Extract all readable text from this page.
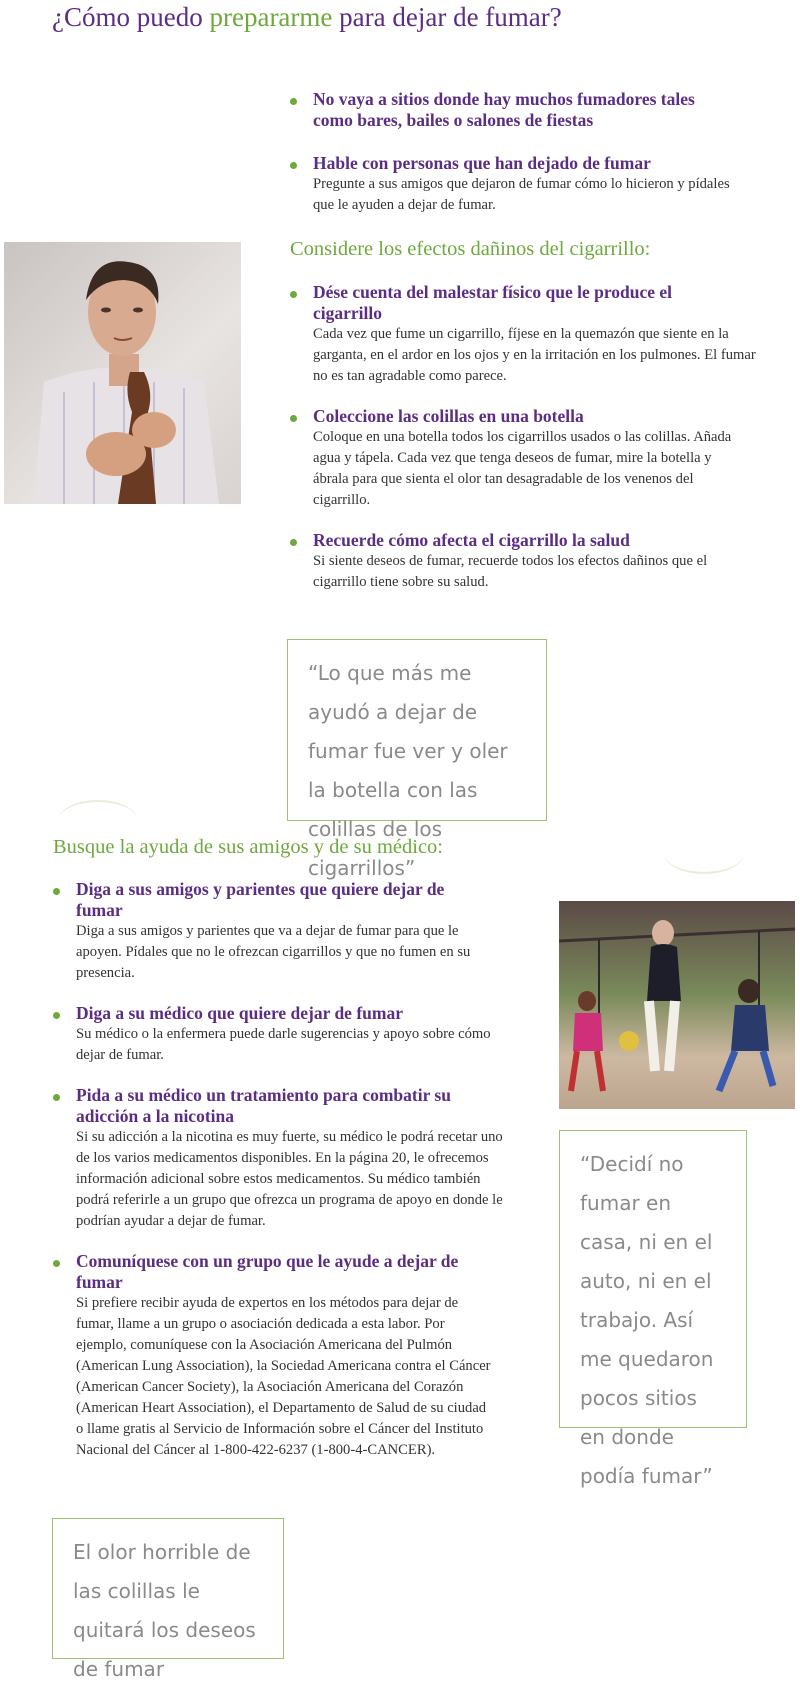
¿Cómo puedo prepararme para dejar de fumar?
No vaya a sitios donde hay muchos fumadores tales como bares, bailes o salones de fiestas
Hable con personas que han dejado de fumar
Pregunte a sus amigos que dejaron de fumar cómo lo hicieron y pídales que le ayuden a dejar de fumar.
Considere los efectos dañinos del cigarrillo:
Dése cuenta del malestar físico que le produce el cigarrillo
Cada vez que fume un cigarrillo, fíjese en la quemazón que siente en la garganta, en el ardor en los ojos y en la irritación en los pulmones. El fumar no es tan agradable como parece.
Coleccione las colillas en una botella
Coloque en una botella todos los cigarrillos usados o las colillas. Añada agua y tápela. Cada vez que tenga deseos de fumar, mire la botella y ábrala para que sienta el olor tan desagradable de los venenos del cigarrillo.
Recuerde cómo afecta el cigarrillo la salud
Si siente deseos de fumar, recuerde todos los efectos dañinos que el cigarrillo tiene sobre su salud.
“Lo que más me ayudó a dejar de fumar fue ver y oler la botella con las colillas de los cigarrillos”
Busque la ayuda de sus amigos y de su médico:
Diga a sus amigos y parientes que quiere dejar de fumar
Diga a sus amigos y parientes que va a dejar de fumar para que le apoyen. Pídales que no le ofrezcan cigarrillos y que no fumen en su presencia.
Diga a su médico que quiere dejar de fumar
Su médico o la enfermera puede darle sugerencias y apoyo sobre cómo dejar de fumar.
Pida a su médico un tratamiento para combatir su adicción a la nicotina
Si su adicción a la nicotina es muy fuerte, su médico le podrá recetar uno de los varios medicamentos disponibles. En la página 20, le ofrecemos información adicional sobre estos medicamentos. Su médico también podrá referirle a un grupo que ofrezca un programa de apoyo en donde le podrían ayudar a dejar de fumar.
Comuníquese con un grupo que le ayude a dejar de fumar
Si prefiere recibir ayuda de expertos en los métodos para dejar de fumar, llame a un grupo o asociación dedicada a esta labor. Por ejemplo, comuníquese con la Asociación Americana del Pulmón (American Lung Association), la Sociedad Americana contra el Cáncer (American Cancer Society), la Asociación Americana del Corazón (American Heart Association), el Departamento de Salud de su ciudad o llame gratis al Servicio de Información sobre el Cáncer del Instituto Nacional del Cáncer al 1-800-422-6237 (1-800-4-CANCER).
“Decidí no fumar en casa, ni en el auto, ni en el trabajo. Así me quedaron pocos sitios en donde podía fumar”
El olor horrible de las colillas le quitará los deseos de fumar
